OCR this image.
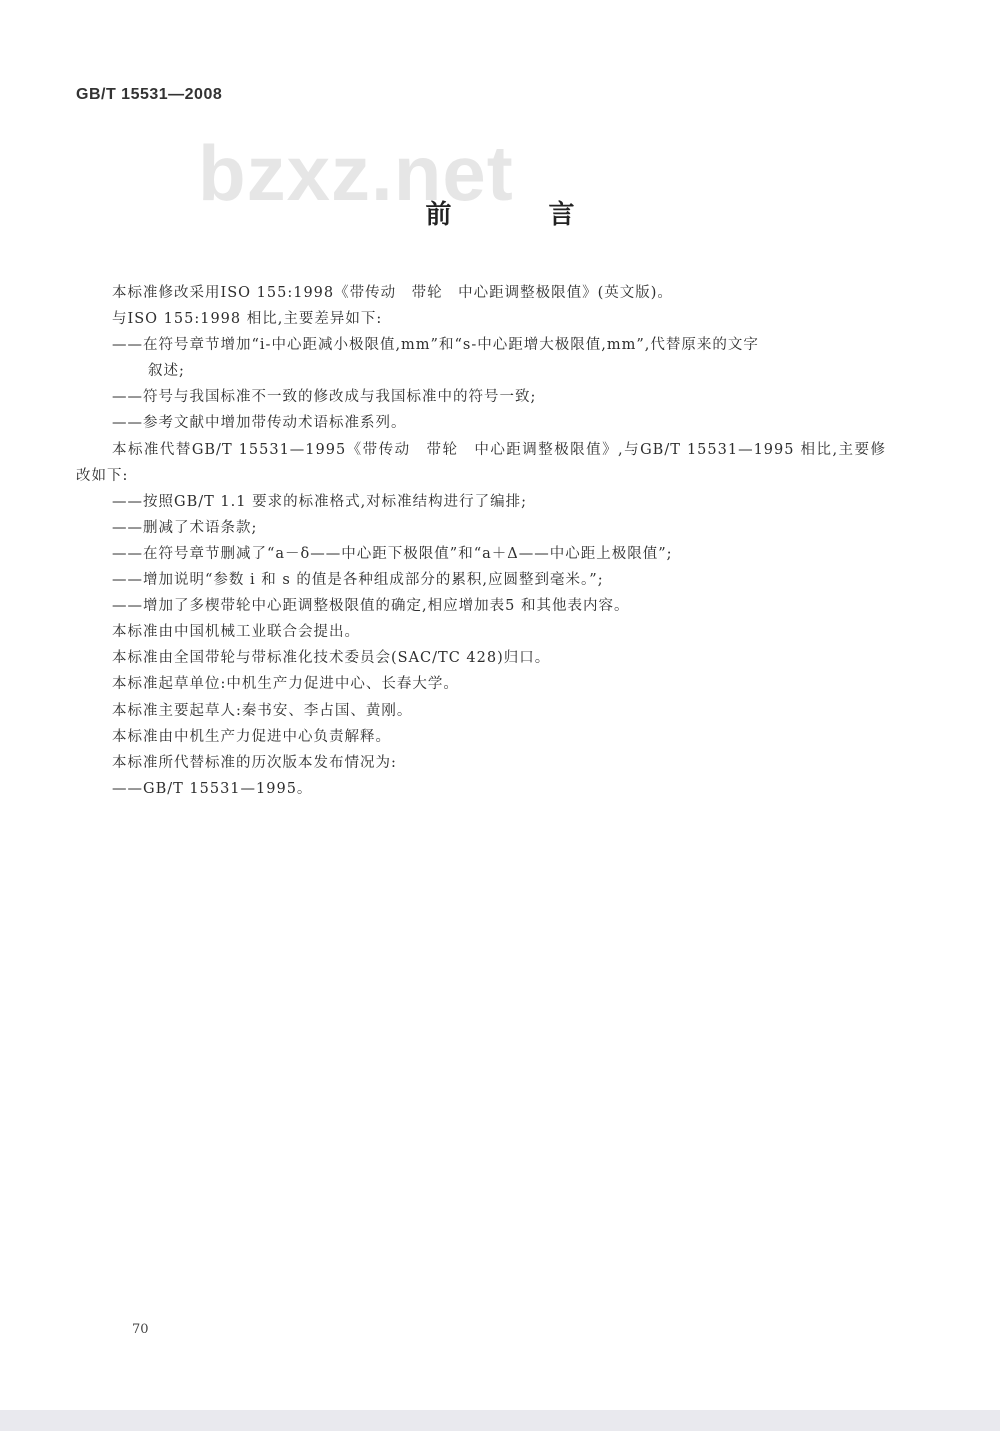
GB/T 15531—2008
bzxz.net
前 言

本标准修改采用ISO 155:1998《带传动　带轮　中心距调整极限值》(英文版)。

与ISO 155:1998 相比,主要差异如下:

——在符号章节增加“i-中心距减小极限值,mm”和“s-中心距增大极限值,mm”,代替原来的文字
叙述;

——符号与我国标准不一致的修改成与我国标准中的符号一致;

——参考文献中增加带传动术语标准系列。

本标准代替GB/T 15531—1995《带传动　带轮　中心距调整极限值》,与GB/T 15531—1995 相比,主要修改如下:

——按照GB/T 1.1 要求的标准格式,对标准结构进行了编排;

——删减了术语条款;

——在符号章节删减了“a－δ——中心距下极限值”和“a＋Δ——中心距上极限值”;

——增加说明“参数 i 和 s 的值是各种组成部分的累积,应圆整到毫米。”;

——增加了多楔带轮中心距调整极限值的确定,相应增加表5 和其他表内容。

本标准由中国机械工业联合会提出。

本标准由全国带轮与带标准化技术委员会(SAC/TC 428)归口。

本标准起草单位:中机生产力促进中心、长春大学。

本标准主要起草人:秦书安、李占国、黄刚。

本标准由中机生产力促进中心负责解释。

本标准所代替标准的历次版本发布情况为:

——GB/T 15531—1995。

70
